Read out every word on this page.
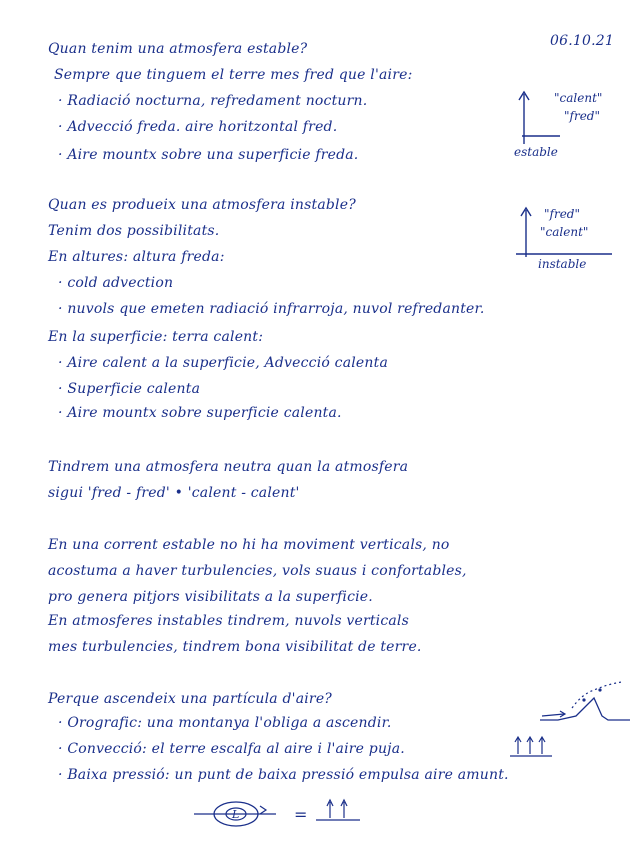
06.10.21
Quan tenim una atmosfera estable?
Sempre que tinguem el terre mes fred que l'aire:
· Radiació nocturna, refredament nocturn.
· Advecció freda. aire horitzontal fred.
· Aire mountx sobre una superficie freda.
"calent"
"fred"
estable
Quan es produeix una atmosfera instable?
Tenim dos possibilitats.
En altures: altura freda:
· cold advection
· nuvols que emeten radiació infrarroja, nuvol refredanter.
En la superficie: terra calent:
· Aire calent a la superficie, Advecció calenta
· Superficie calenta
· Aire mountx sobre superficie calenta.
"fred"
"calent"
instable
Tindrem una atmosfera neutra quan la atmosfera
sigui 'fred - fred' • 'calent - calent'
En una corrent estable no hi ha moviment verticals, no
acostuma a haver turbulencies, vols suaus i confortables,
pro genera pitjors visibilitats a la superficie.
En atmosferes instables tindrem, nuvols verticals
mes turbulencies, tindrem bona visibilitat de terre.
Perque ascendeix una partícula d'aire?
· Orografic: una montanya l'obliga a ascendir.
· Convecció: el terre escalfa al aire i l'aire puja.
· Baixa pressió: un punt de baixa pressió empulsa aire amunt.
L	=
